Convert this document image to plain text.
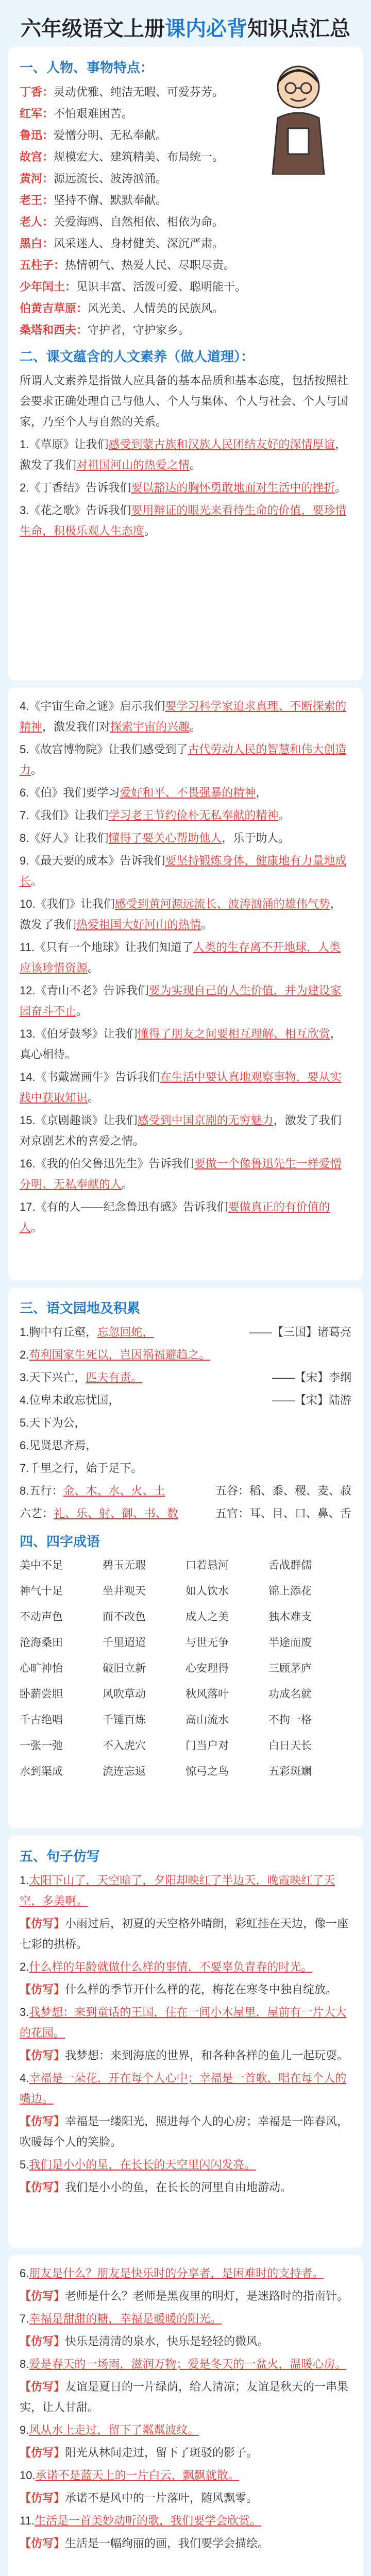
六年级语文上册课内必背知识点汇总
一、人物、事物特点：
丁香：灵动优雅、纯洁无暇、可爱芬芳。
红军：不怕艰难困苦。
鲁迅：爱憎分明、无私奉献。
故宫：规模宏大、建筑精美、布局统一。
黄河：源远流长、波涛汹涌。
老王：坚持不懈、默默奉献。
老人：关爱海鸥、自然相依、相依为命。
黑白：风采迷人、身材健美、深沉严肃。
五柱子：热情朝气、热爱人民、尽职尽责。
少年闰土：见识丰富、活泼可爱、聪明能干。
伯黄吉草原：风光美、人情美的民族风。
桑塔和西夫：守护者，守护家乡。
二、课文蕴含的人文素养（做人道理）：
所谓人文素养是指做人应具备的基本品质和基本态度，包括按照社会要求正确处理自己与他人、个人与集体、个人与社会、个人与国家，乃至个人与自然的关系。
1.《草原》让我们感受到蒙古族和汉族人民团结友好的深情厚谊，激发了我们对祖国河山的热爱之情。
2.《丁香结》告诉我们要以豁达的胸怀勇敢地面对生活中的挫折。
3.《花之歌》告诉我们要用辩证的眼光来看待生命的价值，要珍惜生命，积极乐观人生态度。
4.《宇宙生命之谜》启示我们要学习科学家追求真理、不断探索的精神，激发我们对探索宇宙的兴趣。
5.《故宫博物院》让我们感受到了古代劳动人民的智慧和伟大创造力。
6.《伯》我们要学习爱好和平、不畏强暴的精神，
7.《我们》让我们学习老王节约俭朴无私奉献的精神。
8.《好人》让我们懂得了要关心帮助他人，乐于助人。
9.《最天要的成本》告诉我们要坚持锻炼身体，健康地有力量地成长。
10.《我们》让我们感受到黄河源远流长、波涛汹涌的雄伟气势，激发了我们热爱祖国大好河山的热情。
11.《只有一个地球》让我们知道了人类的生存离不开地球，人类应该珍惜资源。
12.《青山不老》告诉我们要为实现自己的人生价值，并为建设家园奋斗不止。
13.《伯牙鼓琴》让我们懂得了朋友之间要相互理解、相互欣赏，真心相待。
14.《书戴嵩画牛》告诉我们在生活中要认真地观察事物，要从实践中获取知识。
15.《京剧趣谈》让我们感受到中国京剧的无穷魅力，激发了我们对京剧艺术的喜爱之情。
16.《我的伯父鲁迅先生》告诉我们要做一个像鲁迅先生一样爱憎分明、无私奉献的人。
17.《有的人——纪念鲁迅有感》告诉我们要做真正的有价值的人。
三、语文园地及积累
1.胸中有丘壑，忘忽回蛇，	——【三国】诸葛亮
2.苟利国家生死以，岂因祸福避趋之。
3.天下兴亡，匹夫有责。	——【宋】李纲
4.位卑未敢忘忧国，	——【宋】陆游
5.天下为公，
6.见贤思齐焉，
7.千里之行，始于足下。
8.五行：金、木、水、火、土	五谷：稻、黍、稷、麦、菽
六艺：礼、乐、射、御、书、数	五官：耳、目、口、鼻、舌
四、四字成语
美中不足	碧玉无瑕	口若悬河	舌战群儒
神气十足	坐井观天	如人饮水	锦上添花
不动声色	面不改色	成人之美	独木难支
沧海桑田	千里迢迢	与世无争	半途而废
心旷神怡	破旧立新	心安理得	三顾茅庐
卧薪尝胆	风吹草动	秋风落叶	功成名就
千古绝唱	千锤百炼	高山流水	不拘一格
一张一弛	不入虎穴	门当户对	白日天长
水到渠成	流连忘返	惊弓之鸟	五彩斑斓
五、句子仿写
1.太阳下山了，天空暗了，夕阳却映红了半边天，晚霞映红了天空，多美啊。
【仿写】小雨过后，初夏的天空格外晴朗，彩虹挂在天边，像一座七彩的拱桥。
2.什么样的年龄就做什么样的事情，不要辜负青春的时光。
【仿写】什么样的季节开什么样的花，梅花在寒冬中独自绽放。
3.我梦想：来到童话的王国，住在一间小木屋里，屋前有一片大大的花园。
【仿写】我梦想：来到海底的世界，和各种各样的鱼儿一起玩耍。
4.幸福是一朵花，开在每个人心中；幸福是一首歌，唱在每个人的嘴边。
【仿写】幸福是一缕阳光，照进每个人的心房；幸福是一阵春风，吹暖每个人的笑脸。
5.我们是小小的星，在长长的天空里闪闪发亮。
【仿写】我们是小小的鱼，在长长的河里自由地游动。
6.朋友是什么？朋友是快乐时的分享者，是困难时的支持者。
【仿写】老师是什么？老师是黑夜里的明灯，是迷路时的指南针。
7.幸福是甜甜的糖，幸福是暖暖的阳光。
【仿写】快乐是清清的泉水，快乐是轻轻的微风。
8.爱是春天的一场雨，滋润万物；爱是冬天的一盆火，温暖心房。
【仿写】友谊是夏日的一片绿荫，给人清凉；友谊是秋天的一串果实，让人甘甜。
9.风从水上走过，留下了粼粼波纹。
【仿写】阳光从林间走过，留下了斑驳的影子。
10.承诺不是蓝天上的一片白云，飘飘就散。
【仿写】承诺不是风中的一片落叶，随风飘零。
11.生活是一首美妙动听的歌，我们要学会欣赏。
【仿写】生活是一幅绚丽的画，我们要学会描绘。
